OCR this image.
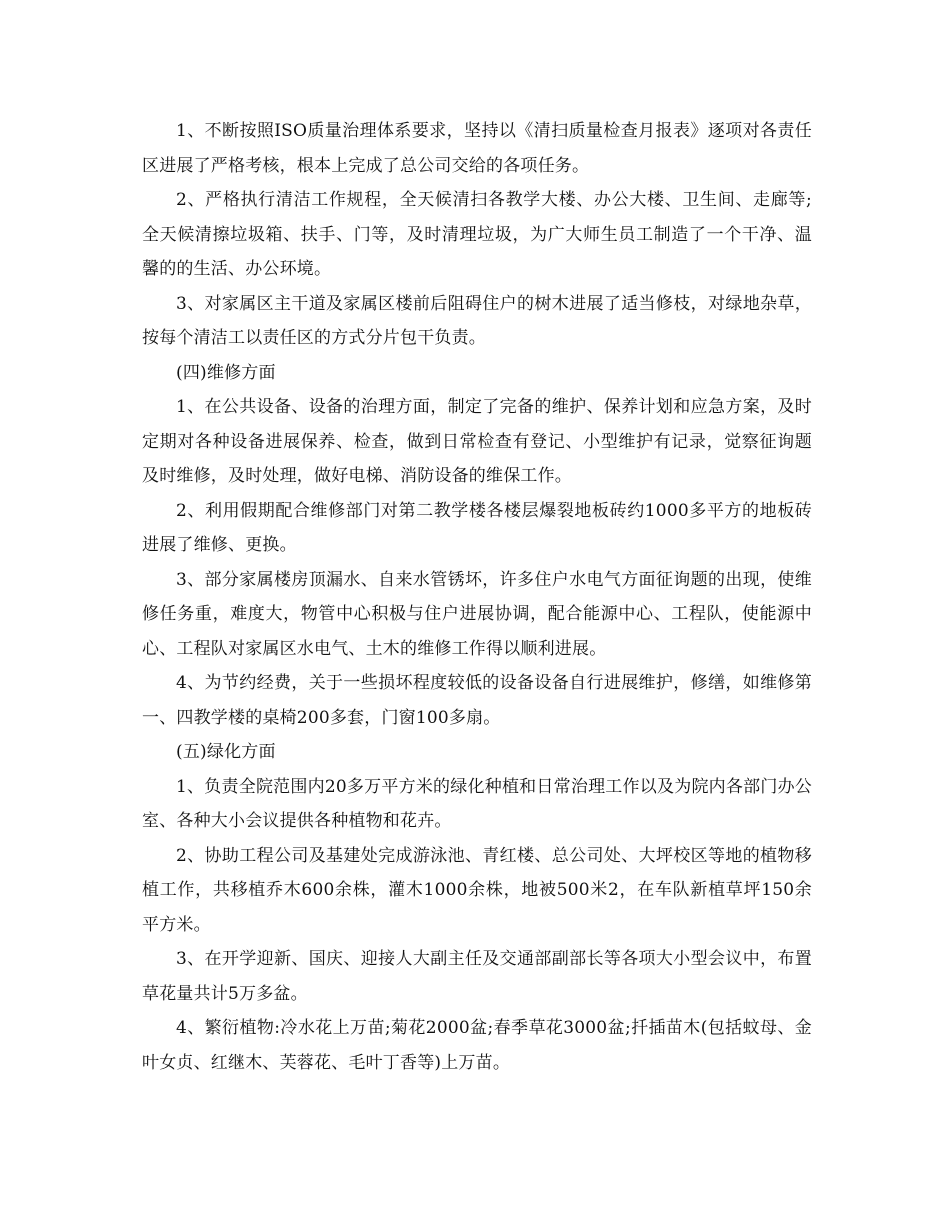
1、不断按照ISO质量治理体系要求，坚持以《清扫质量检查月报表》逐项对各责任区进展了严格考核，根本上完成了总公司交给的各项任务。

2、严格执行清洁工作规程，全天候清扫各教学大楼、办公大楼、卫生间、走廊等;全天候清擦垃圾箱、扶手、门等，及时清理垃圾，为广大师生员工制造了一个干净、温馨的的生活、办公环境。

3、对家属区主干道及家属区楼前后阻碍住户的树木进展了适当修枝，对绿地杂草，按每个清洁工以责任区的方式分片包干负责。

(四)维修方面

1、在公共设备、设备的治理方面，制定了完备的维护、保养计划和应急方案，及时定期对各种设备进展保养、检查，做到日常检查有登记、小型维护有记录，觉察征询题及时维修，及时处理，做好电梯、消防设备的维保工作。

2、利用假期配合维修部门对第二教学楼各楼层爆裂地板砖约1000多平方的地板砖进展了维修、更换。

3、部分家属楼房顶漏水、自来水管锈坏，许多住户水电气方面征询题的出现，使维修任务重，难度大，物管中心积极与住户进展协调，配合能源中心、工程队，使能源中心、工程队对家属区水电气、土木的维修工作得以顺利进展。

4、为节约经费，关于一些损坏程度较低的设备设备自行进展维护，修缮，如维修第一、四教学楼的桌椅200多套，门窗100多扇。

(五)绿化方面

1、负责全院范围内20多万平方米的绿化种植和日常治理工作以及为院内各部门办公室、各种大小会议提供各种植物和花卉。

2、协助工程公司及基建处完成游泳池、青红楼、总公司处、大坪校区等地的植物移植工作，共移植乔木600余株，灌木1000余株，地被500米2，在车队新植草坪150余平方米。

3、在开学迎新、国庆、迎接人大副主任及交通部副部长等各项大小型会议中，布置草花量共计5万多盆。

4、繁衍植物:冷水花上万苗;菊花2000盆;春季草花3000盆;扦插苗木(包括蚊母、金叶女贞、红继木、芙蓉花、毛叶丁香等)上万苗。
